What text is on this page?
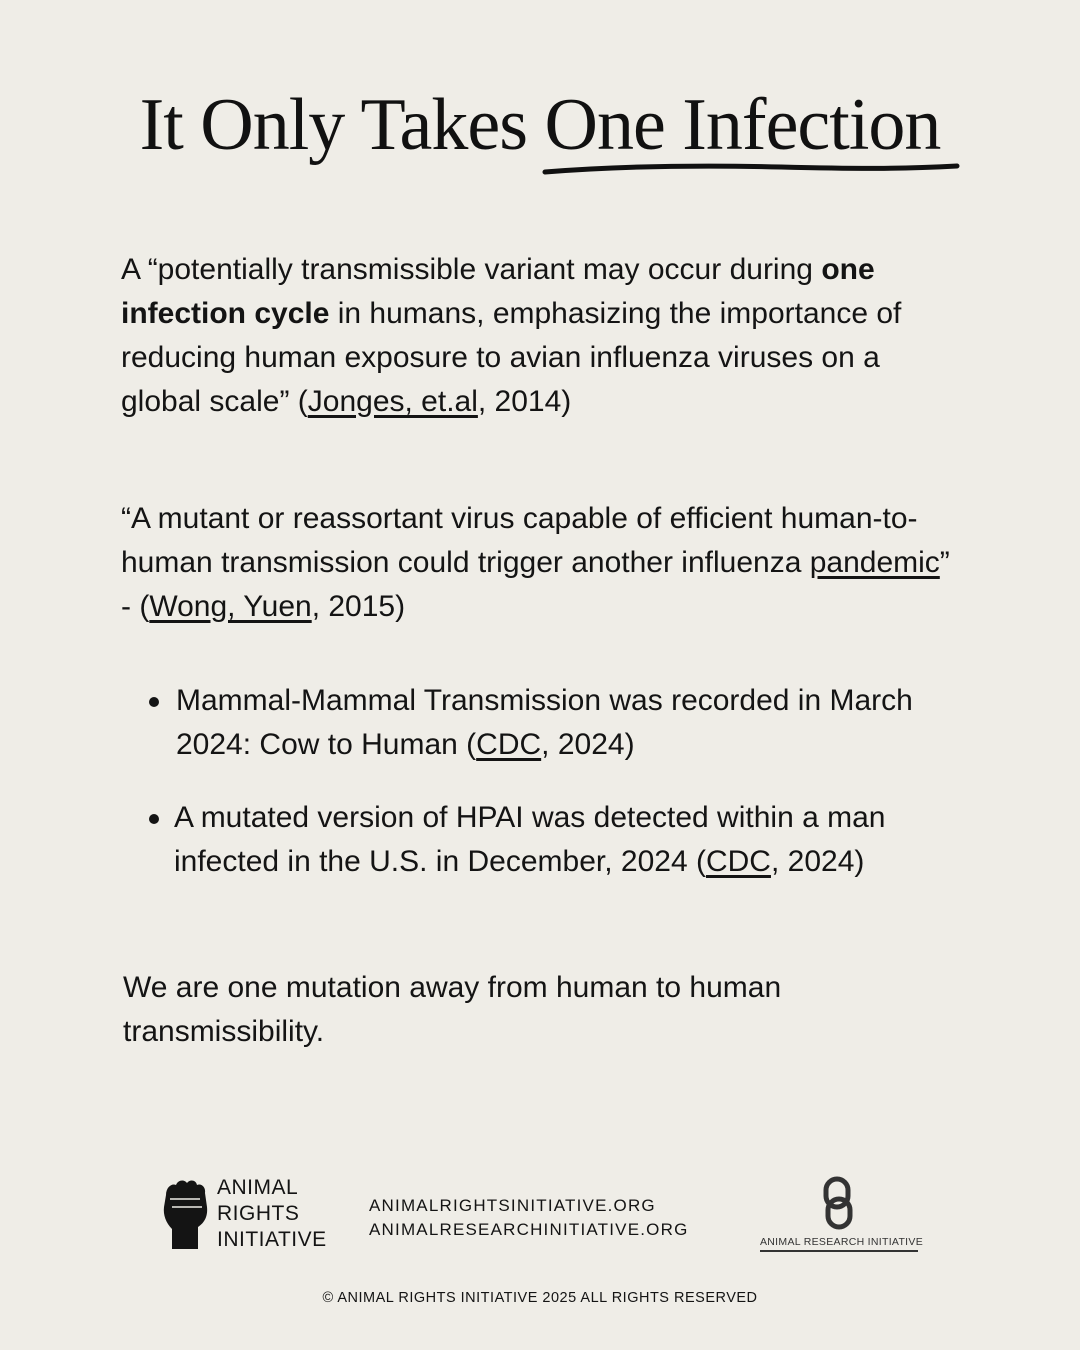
It Only Takes One Infection

A “potentially transmissible variant may occur during one infection cycle in humans, emphasizing the importance of reducing human exposure to avian influenza viruses on a global scale” (Jonges, et.al, 2014)

“A mutant or reassortant virus capable of efficient human-to-human transmission could trigger another influenza pandemic” - (Wong, Yuen, 2015)

Mammal-Mammal Transmission was recorded in March 2024: Cow to Human (CDC, 2024)
A mutated version of HPAI was detected within a man infected in the U.S. in December, 2024 (CDC, 2024)

We are one mutation away from human to human transmissibility.

ANIMAL
RIGHTS
INITIATIVE
ANIMALRIGHTSINITIATIVE.ORG
ANIMALRESEARCHINITIATIVE.ORG
ANIMAL RESEARCH INITIATIVE
© ANIMAL RIGHTS INITIATIVE 2025 ALL RIGHTS RESERVED
